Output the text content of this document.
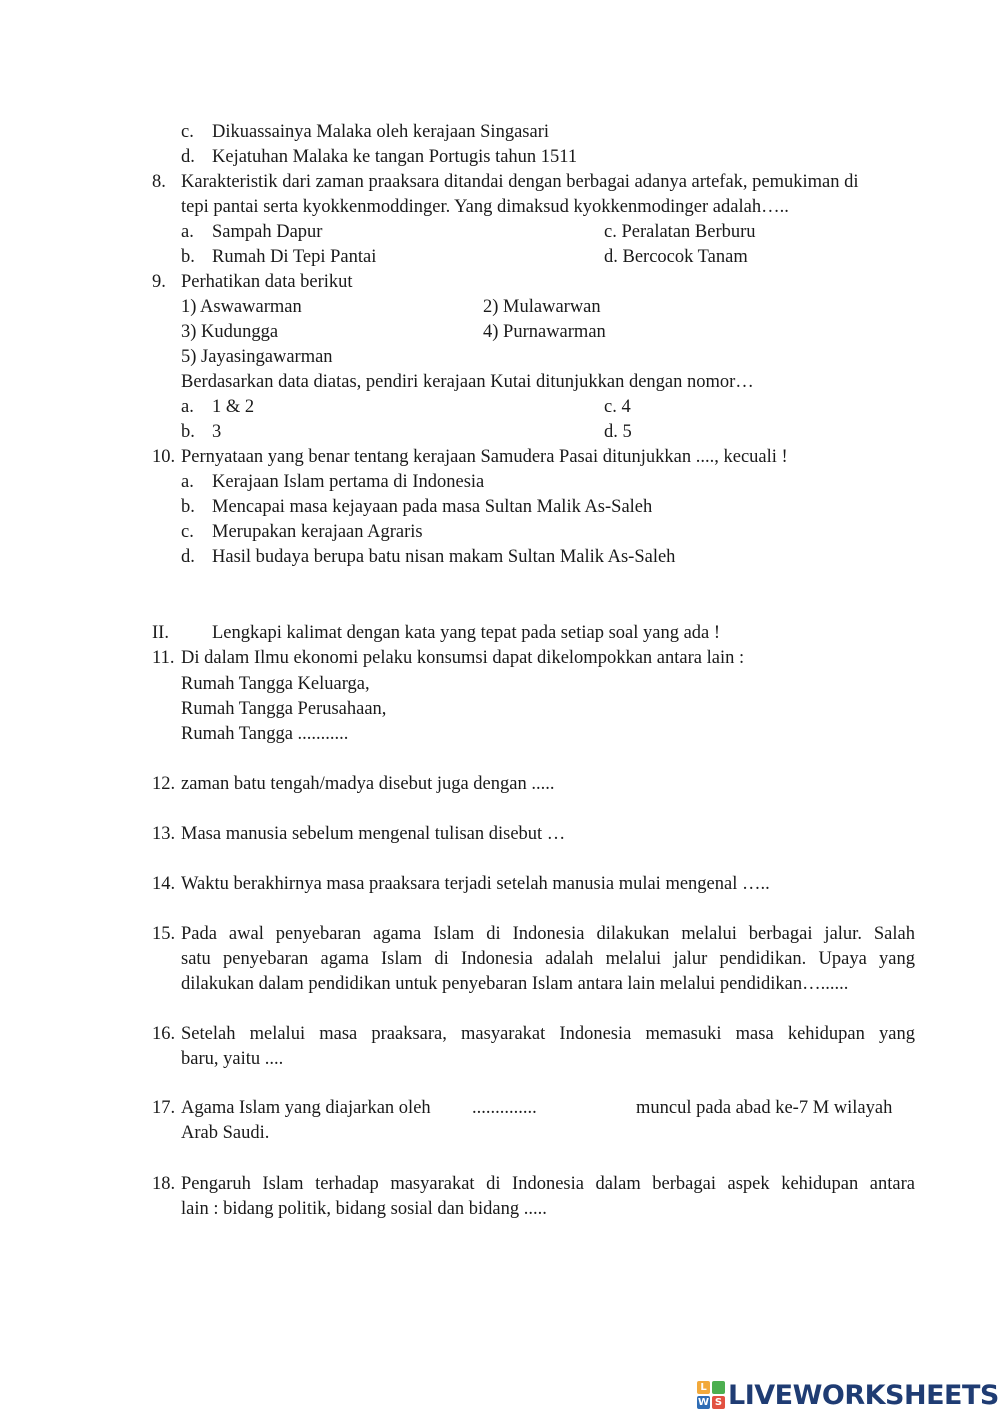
c. Dikuassainya Malaka oleh kerajaan Singasari
d. Kejatuhan Malaka ke tangan Portugis tahun 1511
8. Karakteristik dari zaman praaksara ditandai dengan berbagai adanya artefak, pemukiman di
tepi pantai serta kyokkenmoddinger. Yang dimaksud kyokkenmodinger adalah…..
a. Sampah Dapur	c. Peralatan Berburu
b. Rumah Di Tepi Pantai	d. Bercocok Tanam
9. Perhatikan data berikut
1) Aswawarman	2) Mulawarwan
3) Kudungga	4) Purnawarman
5) Jayasingawarman
Berdasarkan data diatas, pendiri kerajaan Kutai ditunjukkan dengan nomor…
a. 1 & 2	c. 4
b. 3	d. 5
10. Pernyataan yang benar tentang kerajaan Samudera Pasai ditunjukkan ...., kecuali !
a. Kerajaan Islam pertama di Indonesia
b. Mencapai masa kejayaan pada masa Sultan Malik As-Saleh
c. Merupakan kerajaan Agraris
d. Hasil budaya berupa batu nisan makam Sultan Malik As-Saleh
II. Lengkapi kalimat dengan kata yang tepat pada setiap soal yang ada !
11. Di dalam Ilmu ekonomi pelaku konsumsi dapat dikelompokkan antara lain :
Rumah Tangga Keluarga,
Rumah Tangga Perusahaan,
Rumah Tangga ...........
12. zaman batu tengah/madya disebut juga dengan .....
13. Masa manusia sebelum mengenal tulisan disebut …
14. Waktu berakhirnya masa praaksara terjadi setelah manusia mulai mengenal …..
15. Pada awal penyebaran agama Islam di Indonesia dilakukan melalui berbagai jalur. Salah
satu penyebaran agama Islam di Indonesia adalah melalui jalur pendidikan. Upaya yang
dilakukan dalam pendidikan untuk penyebaran Islam antara lain melalui pendidikan…......
16. Setelah melalui masa praaksara, masyarakat Indonesia memasuki masa kehidupan yang
baru, yaitu ....
17. Agama Islam yang diajarkan oleh ..............	muncul pada abad ke-7 M wilayah
Arab Saudi.
18. Pengaruh Islam terhadap masyarakat di Indonesia dalam berbagai aspek kehidupan antara
lain : bidang politik, bidang sosial dan bidang .....
L
W S LIVEWORKSHEETS
